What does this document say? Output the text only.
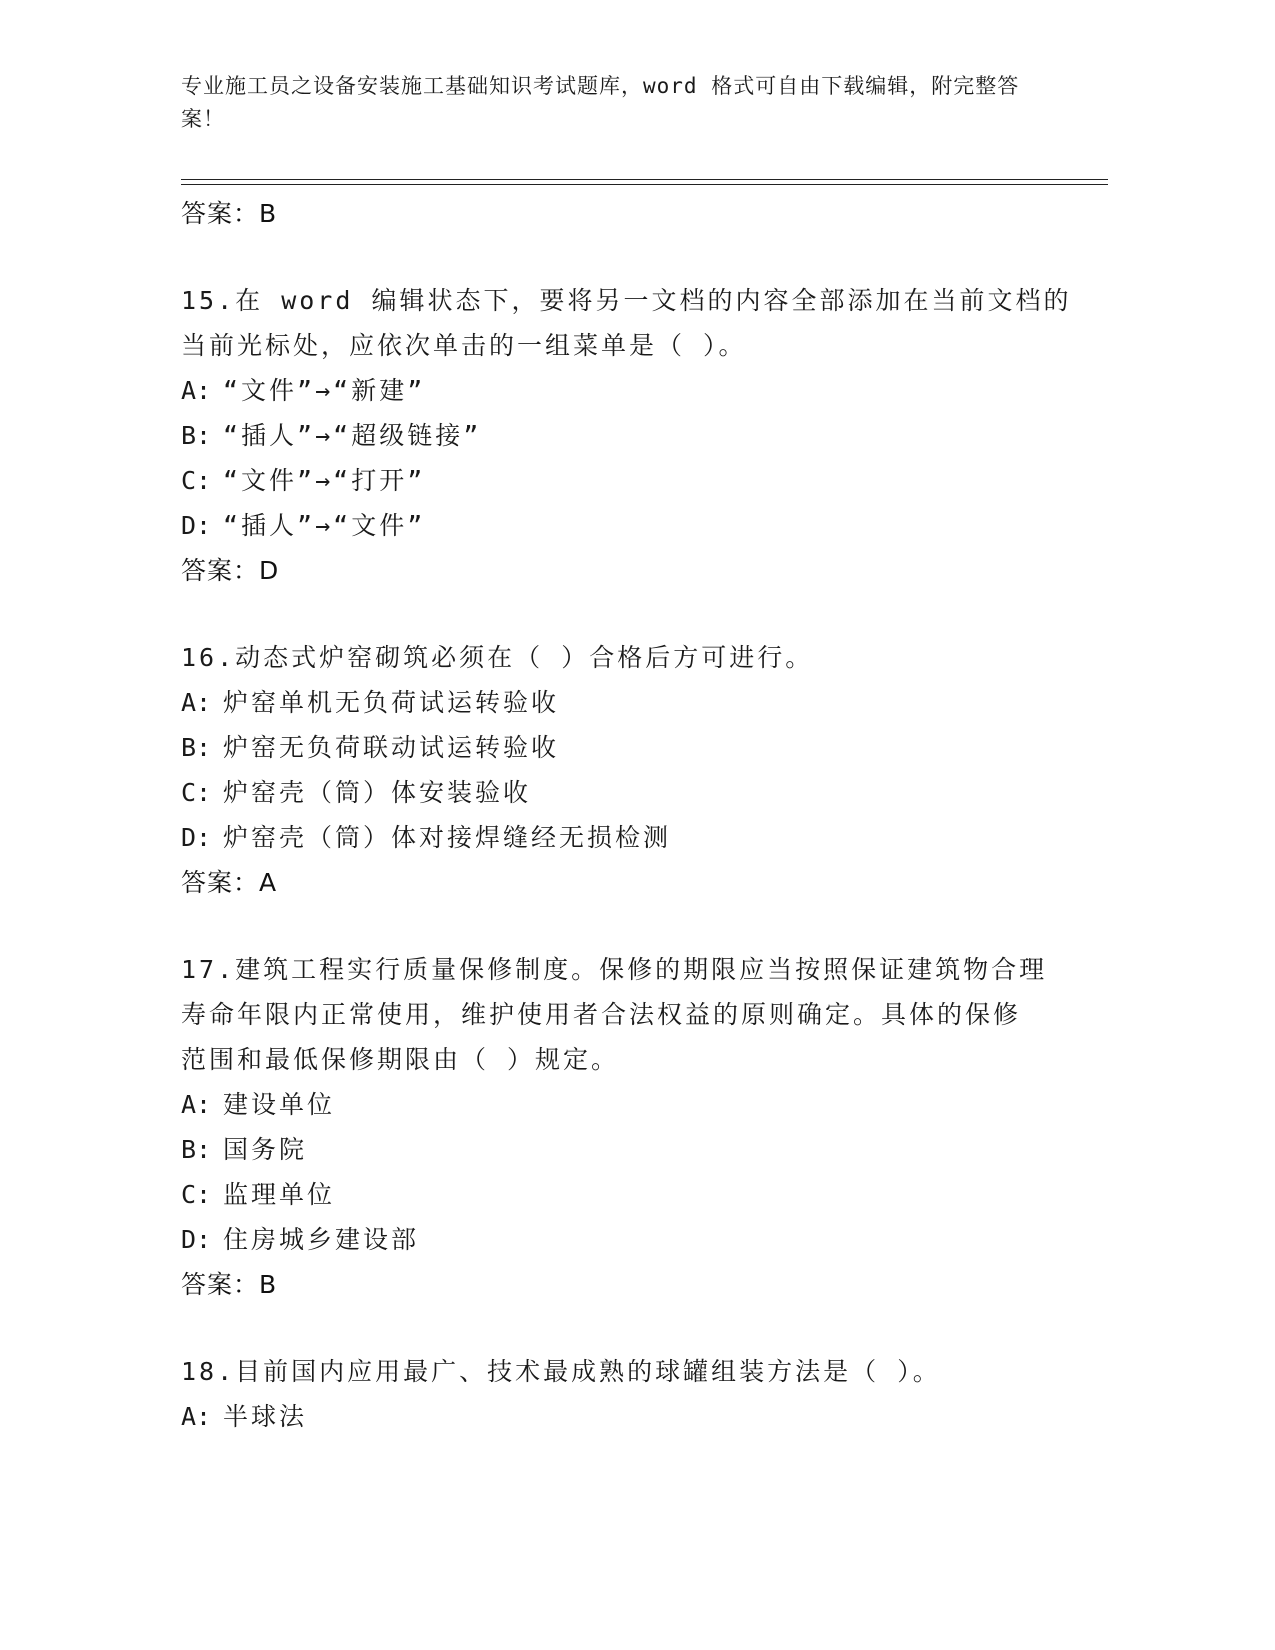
专业施工员之设备安装施工基础知识考试题库，word 格式可自由下载编辑，附完整答案！
答案：B
15.在 word 编辑状态下，要将另一文档的内容全部添加在当前文档的
当前光标处，应依次单击的一组菜单是（ ）。
A: “文件”→“新建”
B: “插人”→“超级链接”
C: “文件”→“打开”
D: “插人”→“文件”
答案：D
16.动态式炉窑砌筑必须在（ ）合格后方可进行。
A: 炉窑单机无负荷试运转验收
B: 炉窑无负荷联动试运转验收
C: 炉窑壳（筒）体安装验收
D: 炉窑壳（筒）体对接焊缝经无损检测
答案：A
17.建筑工程实行质量保修制度。保修的期限应当按照保证建筑物合理
寿命年限内正常使用，维护使用者合法权益的原则确定。具体的保修
范围和最低保修期限由（ ）规定。
A: 建设单位
B: 国务院
C: 监理单位
D: 住房城乡建设部
答案：B
18.目前国内应用最广、技术最成熟的球罐组装方法是（ ）。
A: 半球法
